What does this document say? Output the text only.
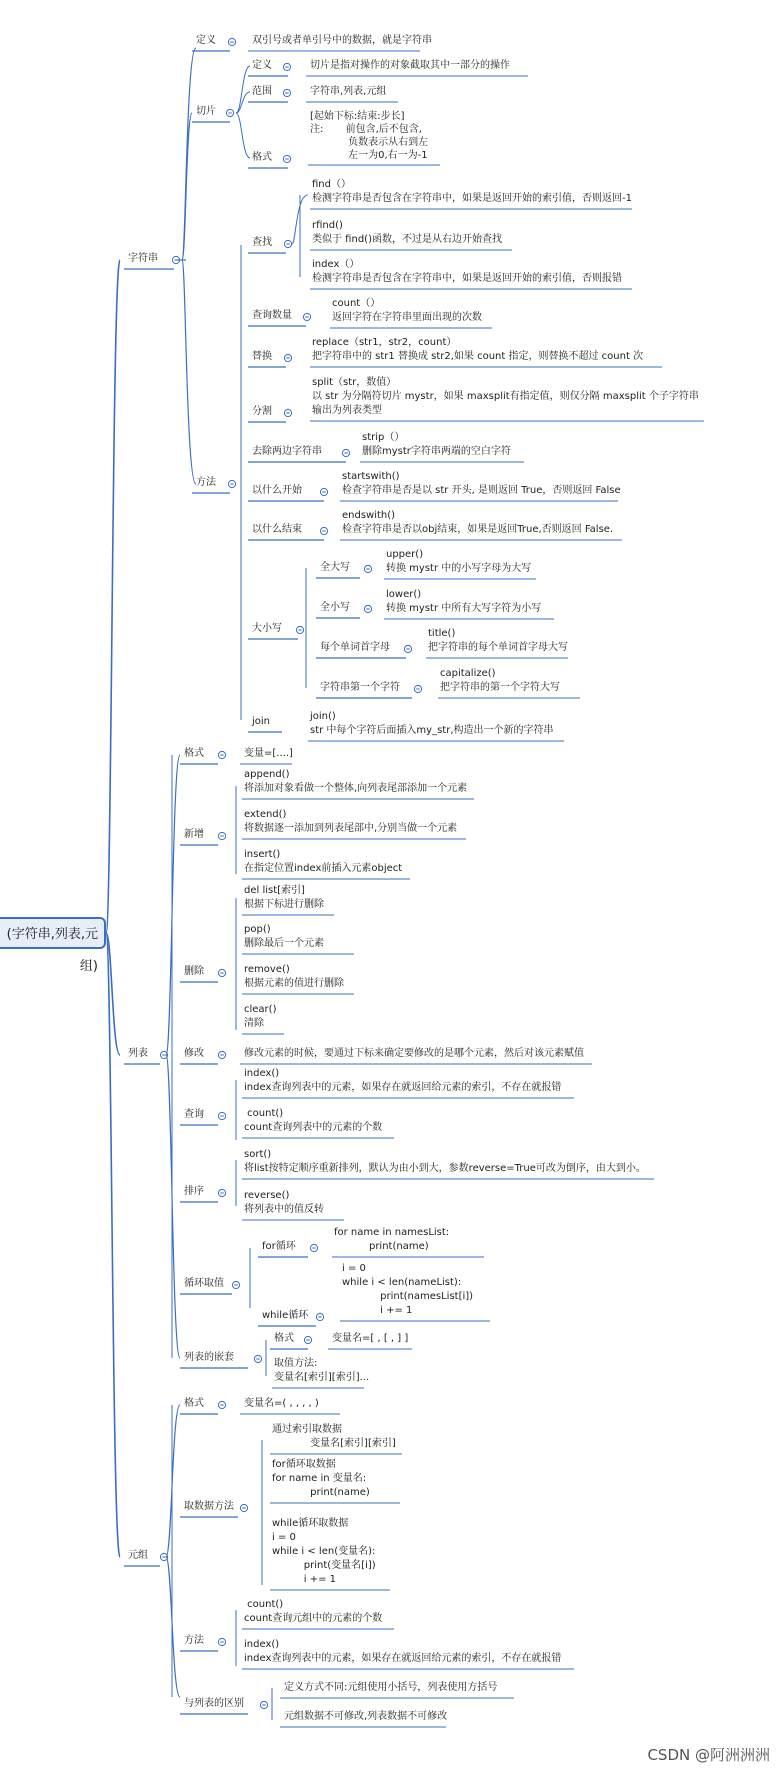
(字符串,列表,元组)
字符串
定义	双引号或者单引号中的数据，就是字符串
切片
定义	切片是指对操作的对象截取其中一部分的操作
范围	字符串,列表,元组
格式
[起始下标:结束:步长]
注:       前包含,后不包含,
负数表示从右到左
左一为0,右一为-1
方法
查找
查询数量
替换
分割
去除两边字符串
以什么开始
以什么结束
大小写
join
find（）
检测字符串是否包含在字符串中，如果是返回开始的索引值，否则返回-1
rfind()
类似于 find()函数，不过是从右边开始查找
index（）
检测字符串是否包含在字符串中，如果是返回开始的索引值，否则报错
count（）
返回字符在字符串里面出现的次数
replace（str1，str2，count）
把字符串中的 str1 替换成 str2,如果 count 指定，则替换不超过 count 次
split（str，数值）
以 str 为分隔符切片 mystr，如果 maxsplit有指定值，则仅分隔 maxsplit 个子字符串
输出为列表类型
strip（）
删除mystr字符串两端的空白字符
startswith()
检查字符串是否是以 str 开头, 是则返回 True，否则返回 False
endswith()
检查字符串是否以obj结束，如果是返回True,否则返回 False.
join()
str 中每个字符后面插入my_str,构造出一个新的字符串
全大写
upper()
转换 mystr 中的小写字母为大写
全小写
lower()
转换 mystr 中所有大写字符为小写
每个单词首字母
title()
把字符串的每个单词首字母大写
字符串第一个字符
capitalize()
把字符串的第一个字符大写
列表
格式	变量=[....]
新增
append()
将添加对象看做一个整体,向列表尾部添加一个元素
extend()
将数据逐一添加到列表尾部中,分别当做一个元素
insert()
在指定位置index前插入元素object
删除
del list[索引]
根据下标进行删除
pop()
删除最后一个元素
remove()
根据元素的值进行删除
clear()
清除
修改	修改元素的时候，要通过下标来确定要修改的是哪个元素，然后对该元素赋值
查询
index()
index查询列表中的元素，如果存在就返回给元素的索引，不存在就报错
count()
count查询列表中的元素的个数
排序
sort()
将list按特定顺序重新排列，默认为由小到大，参数reverse=True可改为倒序，由大到小。
reverse()
将列表中的值反转
循环取值
for循环
for name in namesList:
print(name)
while循环
i = 0
while i < len(nameList):
print(namesList[i])
i += 1
列表的嵌套
格式	变量名=[ , [ , ] ]
取值方法:
变量名[索引][索引]...
元组
格式	变量名=( , , , , )
取数据方法
通过索引取数据
变量名[索引][索引]
for循环取数据
for name in 变量名:
print(name)
while循环取数据
i = 0
while i < len(变量名):
print(变量名[i])
i += 1
方法
count()
count查询元组中的元素的个数
index()
index查询列表中的元素，如果存在就返回给元素的索引，不存在就报错
与列表的区别
定义方式不同:元组使用小括号，列表使用方括号
元组数据不可修改,列表数据不可修改
CSDN @阿洲洲洲
